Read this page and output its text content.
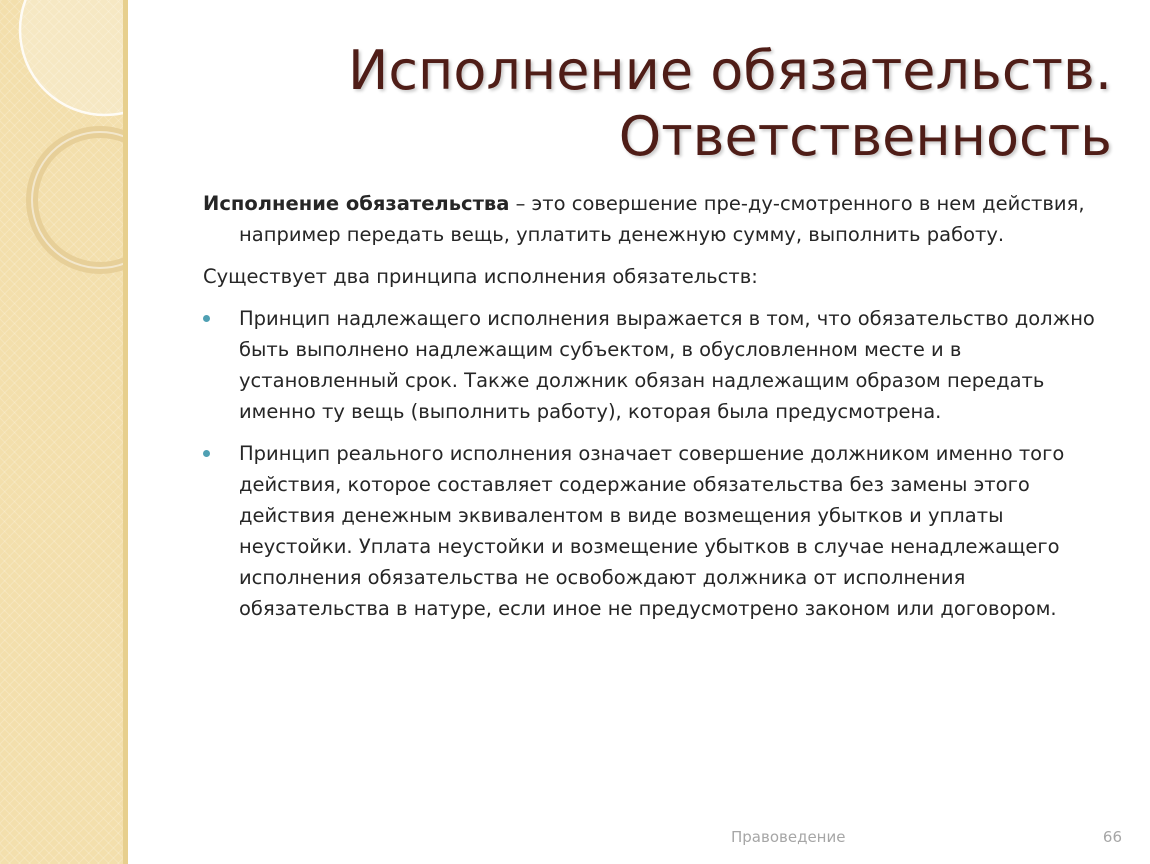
Исполнение обязательств.
Ответственность

Исполнение обязательства – это совершение пре-ду-смотренного в нем действия, например передать вещь, уплатить денежную сумму, выполнить работу.

Существует два принципа исполнения обязательств:

Принцип надлежащего исполнения выражается в том, что обязательство должно быть выполнено надлежащим субъектом, в обусловленном месте и в установленный срок. Также должник обязан надлежащим образом передать именно ту вещь (выполнить работу), которая была предусмотрена.
Принцип реального исполнения означает совершение должником именно того действия, которое составляет содержание обязательства без замены этого действия денежным эквивалентом в виде возмещения убытков и уплаты неустойки. Уплата неустойки и возмещение убытков в случае ненадлежащего исполнения обязательства не освобождают должника от исполнения обязательства в натуре, если иное не предусмотрено законом или договором.
Правоведение	66
